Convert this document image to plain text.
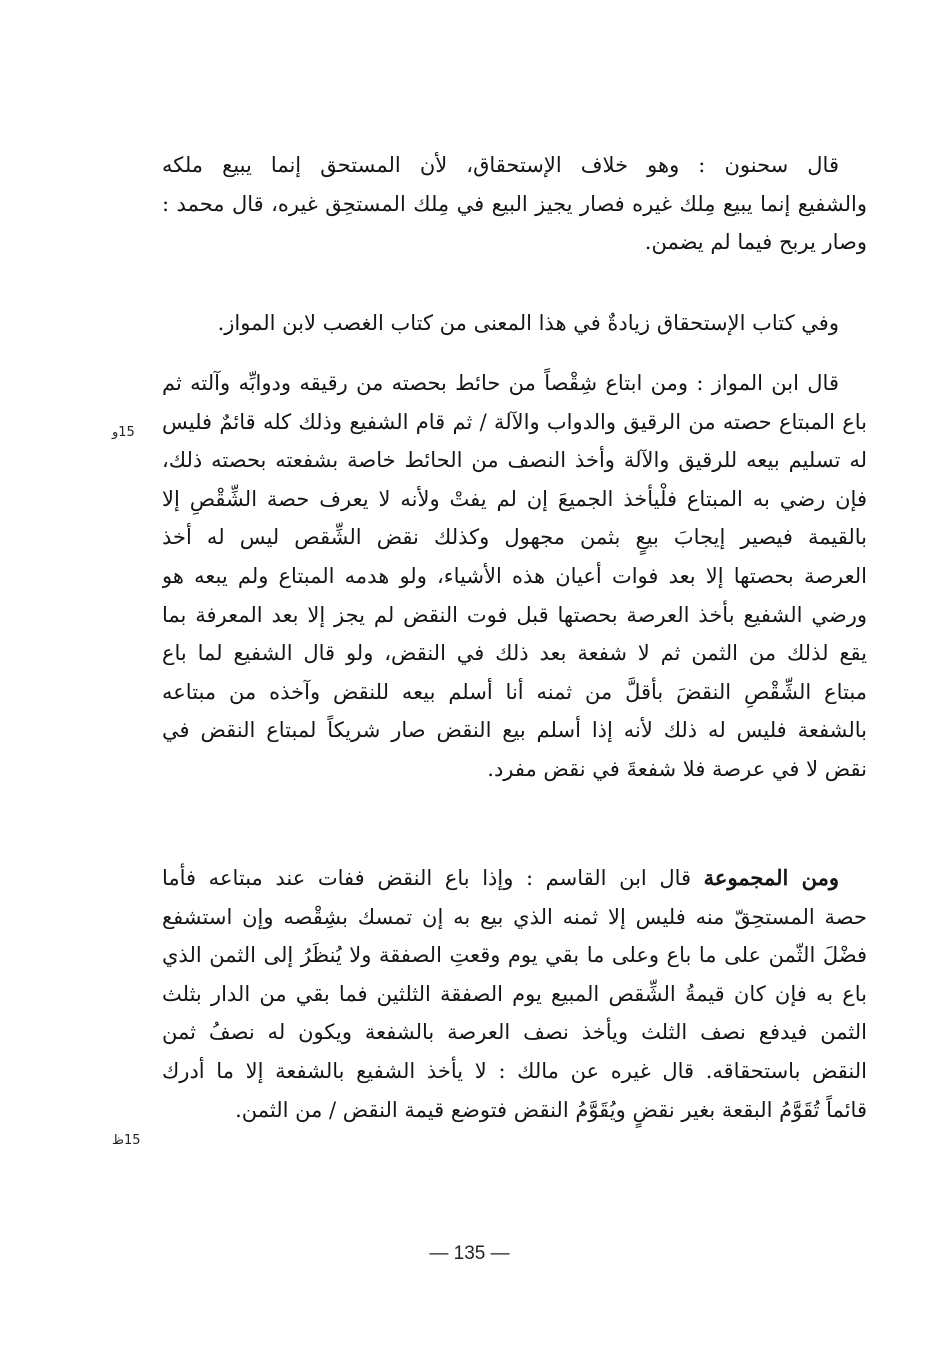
قال سحنون : وهو خلاف الإستحقاق، لأن المستحق إنما يبيع ملكه
والشفيع إنما يبيع مِلك غيره فصار يجيز البيع في مِلك المستحِق غيره، قال محمد :
وصار يربح فيما لم يضمن.
وفي كتاب الإستحقاق زيادةٌ في هذا المعنى من كتاب الغصب لابن المواز.
قال ابن المواز : ومن ابتاع شِقْصاً من حائط بحصته من رقيقه ودوابِّه وآلته ثم
باع المبتاع حصته من الرقيق والدواب والآلة / ثم قام الشفيع وذلك كله قائمٌ فليس
له تسليم بيعه للرقيق والآلة وأخذ النصف من الحائط خاصة بشفعته بحصته ذلك،
فإن رضي به المبتاع فلْيأخذ الجميعَ إن لم يفتْ ولأنه لا يعرف حصة الشِّقْصِ إلا
بالقيمة فيصير إيجابَ بيعٍ بثمن مجهول وكذلك نقض الشِّقص ليس له أخذ
العرصة بحصتها إلا بعد فوات أعيان هذه الأشياء، ولو هدمه المبتاع ولم يبعه هو
ورضي الشفيع بأخذ العرصة بحصتها قبل فوت النقض لم يجز إلا بعد المعرفة بما
يقع لذلك من الثمن ثم لا شفعة بعد ذلك في النقض، ولو قال الشفيع لما باع
مبتاع الشِّقْصِ النقضَ بأقلَّ من ثمنه أنا أسلم بيعه للنقض وآخذه من مبتاعه
بالشفعة فليس له ذلك لأنه إذا أسلم بيع النقض صار شريكاً لمبتاع النقض في
نقض لا في عرصة فلا شفعةَ في نقض مفرد.
ومن المجموعة قال ابن القاسم : وإذا باع النقض ففات عند مبتاعه فأما
حصة المستحِقّ منه فليس إلا ثمنه الذي بيع به إن تمسك بشِقْصه وإن استشفع
فضْلَ الثّمن على ما باع وعلى ما بقي يوم وقعتِ الصفقة ولا يُنظَرُ إلى الثمن الذي
باع به فإن كان قيمةُ الشِّقص المبيع يوم الصفقة الثلثين فما بقي من الدار بثلث
الثمن فيدفع نصف الثلث ويأخذ نصف العرصة بالشفعة ويكون له نصفُ ثمن
النقض باستحقاقه. قال غيره عن مالك : لا يأخذ الشفيع بالشفعة إلا ما أدرك
قائماً تُقَوَّمُ البقعة بغير نقضٍ ويُقَوَّمُ النقض فتوضع قيمة النقض / من الثمن.
15و
15ظ
— 135 —
